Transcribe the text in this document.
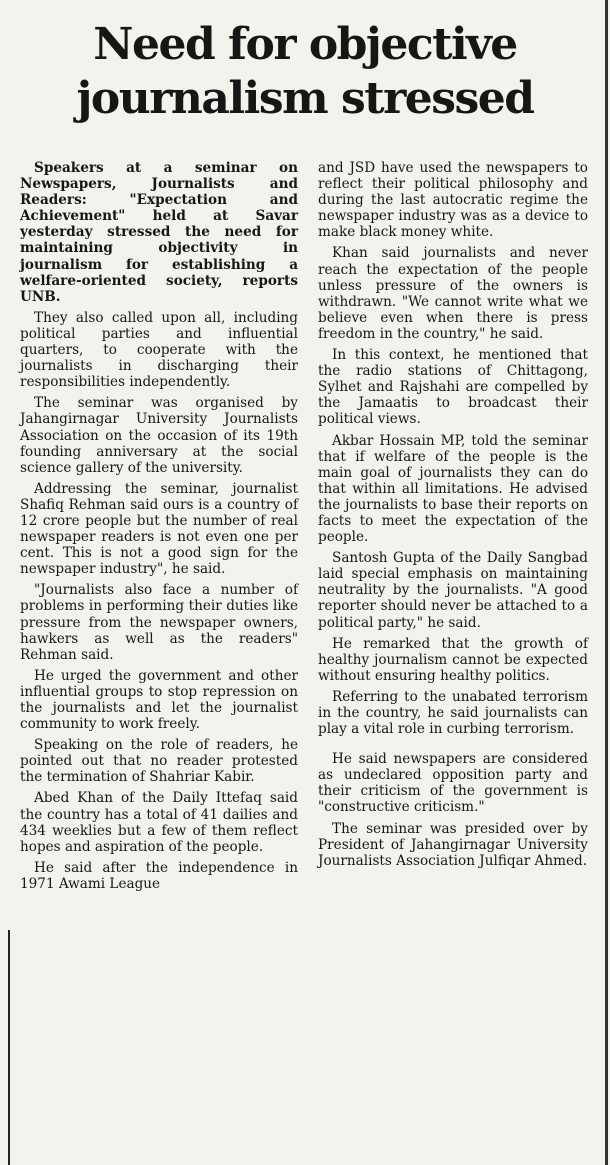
Need for objective
journalism stressed

Speakers at a seminar on Newspapers, Journalists and Readers: "Expectation and Achievement" held at Savar yesterday stressed the need for maintaining objectivity in journalism for establishing a welfare-oriented society, reports UNB.

They also called upon all, including political parties and influential quarters, to cooperate with the journalists in discharging their responsibilities independently.

The seminar was organised by Jahangirnagar University Journalists Association on the occasion of its 19th founding anniversary at the social science gallery of the university.

Addressing the seminar, journalist Shafiq Rehman said ours is a country of 12 crore people but the number of real newspaper readers is not even one per cent. This is not a good sign for the newspaper industry", he said.

"Journalists also face a number of problems in performing their duties like pressure from the newspaper owners, hawkers as well as the readers" Rehman said.

He urged the government and other influential groups to stop repression on the journalists and let the journalist community to work freely.

Speaking on the role of readers, he pointed out that no reader protested the termination of Shahriar Kabir.

Abed Khan of the Daily Ittefaq said the country has a total of 41 dailies and 434 weeklies but a few of them reflect hopes and aspiration of the people.

He said after the independence in 1971 Awami League

and JSD have used the newspapers to reflect their political philosophy and during the last autocratic regime the newspaper industry was as a device to make black money white.

Khan said journalists and never reach the expectation of the people unless pressure of the owners is withdrawn. "We cannot write what we believe even when there is press freedom in the country," he said.

In this context, he mentioned that the radio stations of Chittagong, Sylhet and Rajshahi are compelled by the Jamaatis to broadcast their political views.

Akbar Hossain MP, told the seminar that if welfare of the people is the main goal of journalists they can do that within all limitations. He advised the journalists to base their reports on facts to meet the expectation of the people.

Santosh Gupta of the Daily Sangbad laid special emphasis on maintaining neutrality by the journalists. "A good reporter should never be attached to a political party," he said.

He remarked that the growth of healthy journalism cannot be expected without ensuring healthy politics.

Referring to the unabated terrorism in the country, he said journalists can play a vital role in curbing terrorism.

He said newspapers are considered as undeclared opposition party and their criticism of the government is "constructive criticism."

The seminar was presided over by President of Jahangirnagar University Journalists Association Julfiqar Ahmed.
